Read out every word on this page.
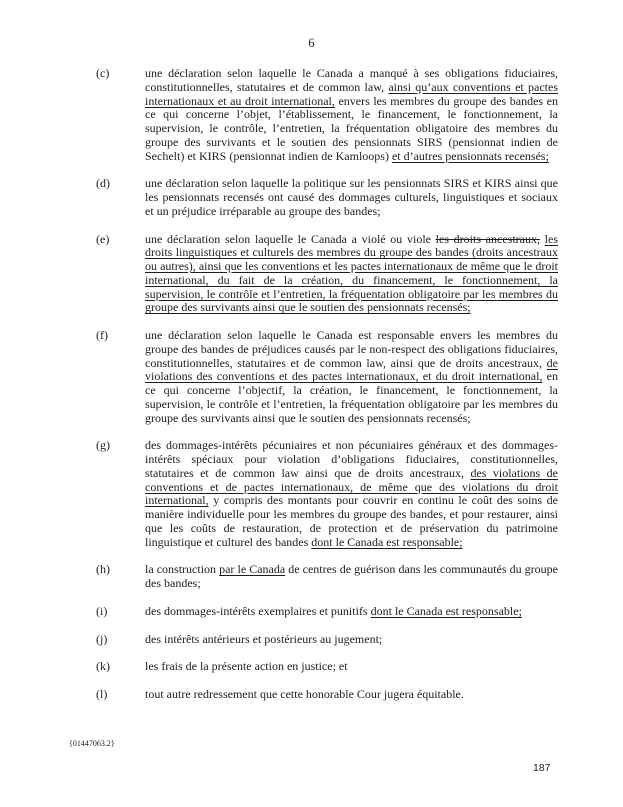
6
(c)	une déclaration selon laquelle le Canada a manqué à ses obligations fiduciaires, constitutionnelles, statutaires et de common law, ainsi qu’aux conventions et pactes internationaux et au droit international, envers les membres du groupe des bandes en ce qui concerne l’objet, l’établissement, le financement, le fonctionnement, la supervision, le contrôle, l’entretien, la fréquentation obligatoire des membres du groupe des survivants et le soutien des pensionnats SIRS (pensionnat indien de Sechelt) et KIRS (pensionnat indien de Kamloops) et d’autres pensionnats recensés;
(d)	une déclaration selon laquelle la politique sur les pensionnats SIRS et KIRS ainsi que les pensionnats recensés ont causé des dommages culturels, linguistiques et sociaux et un préjudice irréparable au groupe des bandes;
(e)	une déclaration selon laquelle le Canada a violé ou viole les droits ancestraux, les droits linguistiques et culturels des membres du groupe des bandes (droits ancestraux ou autres), ainsi que les conventions et les pactes internationaux de même que le droit international, du fait de la création, du financement, le fonctionnement, la supervision, le contrôle et l’entretien, la fréquentation obligatoire par les membres du groupe des survivants ainsi que le soutien des pensionnats recensés;
(f)	une déclaration selon laquelle le Canada est responsable envers les membres du groupe des bandes de préjudices causés par le non-respect des obligations fiduciaires, constitutionnelles, statutaires et de common law, ainsi que de droits ancestraux, de violations des conventions et des pactes internationaux, et du droit international, en ce qui concerne l’objectif, la création, le financement, le fonctionnement, la supervision, le contrôle et l’entretien, la fréquentation obligatoire par les membres du groupe des survivants ainsi que le soutien des pensionnats recensés;
(g)	des dommages-intérêts pécuniaires et non pécuniaires généraux et des dommages-intérêts spéciaux pour violation d’obligations fiduciaires, constitutionnelles, statutaires et de common law ainsi que de droits ancestraux, des violations de conventions et de pactes internationaux, de même que des violations du droit international, y compris des montants pour couvrir en continu le coût des soins de manière individuelle pour les membres du groupe des bandes, et pour restaurer, ainsi que les coûts de restauration, de protection et de préservation du patrimoine linguistique et culturel des bandes dont le Canada est responsable;
(h)	la construction par le Canada de centres de guérison dans les communautés du groupe des bandes;
(i)	des dommages-intérêts exemplaires et punitifs dont le Canada est responsable;
(j)	des intérêts antérieurs et postérieurs au jugement;
(k)	les frais de la présente action en justice; et
(l)	tout autre redressement que cette honorable Cour jugera équitable.
{01447063.2}
187
